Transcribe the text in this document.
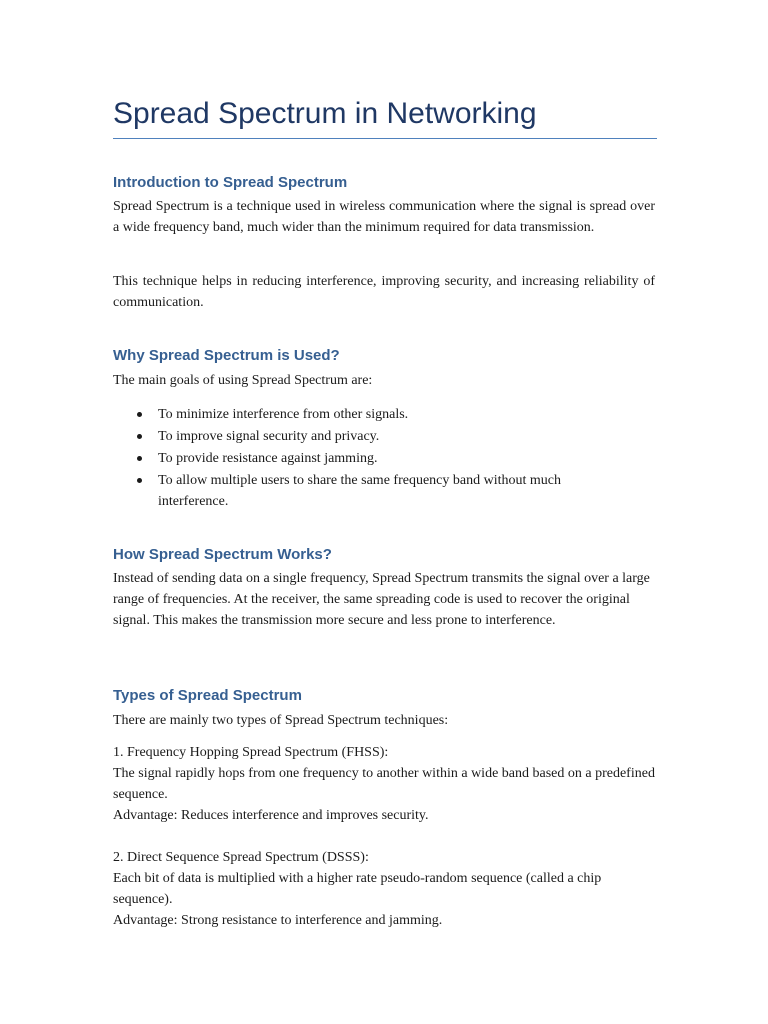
Spread Spectrum in Networking
Introduction to Spread Spectrum

Spread Spectrum is a technique used in wireless communication where the signal is spread over a wide frequency band, much wider than the minimum required for data transmission.

This technique helps in reducing interference, improving security, and increasing reliability of communication.

Why Spread Spectrum is Used?

The main goals of using Spread Spectrum are:

To minimize interference from other signals.
To improve signal security and privacy.
To provide resistance against jamming.
To allow multiple users to share the same frequency band without much interference.
How Spread Spectrum Works?

Instead of sending data on a single frequency, Spread Spectrum transmits the signal over a large range of frequencies. At the receiver, the same spreading code is used to recover the original signal. This makes the transmission more secure and less prone to interference.

Types of Spread Spectrum

There are mainly two types of Spread Spectrum techniques:

1. Frequency Hopping Spread Spectrum (FHSS):
The signal rapidly hops from one frequency to another within a wide band based on a predefined sequence.
Advantage: Reduces interference and improves security.
2. Direct Sequence Spread Spectrum (DSSS):
Each bit of data is multiplied with a higher rate pseudo-random sequence (called a chip sequence).
Advantage: Strong resistance to interference and jamming.
